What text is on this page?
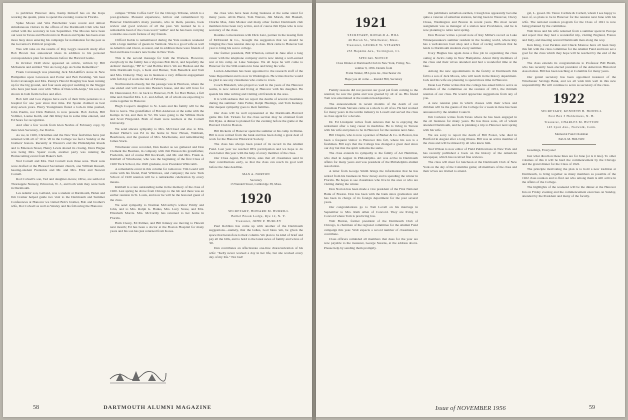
to publicize Hanover data, Kemp himself has on the Kaps wearing the quaint, plans to spend the evening course in Florida.

Spike Moore and Wes Batchelder were recent and almost simultaneous visitors in the offices of the Dartmouth Club who had called with the secretary in late September. The Moores have been out west in Texas and Electronics in Boston and Spike has been even more busy since entering his campaign for nomination for the post as the Governor's Political program.

Wes will take on the results of Ray Legg's research study after Bob Brown has announced ideas in addition to his personal correspondence plan for luncheons before the Harvard Game.

In October 1949 show appeared an article, written by Bill McKenzie and entitled "Not As Long Ago As Some Remember."

Frank Cavanaugh was planning Jack McAuliffe's stone in New Hampshire upon Lanceson and Porter and Bob Pershing. We hear from Cavanaugh and Mrs. Penny's Harold Doughty has been turning up for the big ground, and four seats enjoyed wedding in the Nugget who have just been over with "Miss of Dun-with-Antje," his son, has shown in both fields before and after.

Bob Gill and Lou Zappas have each of their little pensions to a hospital for one year since that time. Pat Spann claimed as best sixty-seven years. Harry Youngmann fluted a lock-in time pushed, John Paulin, not Dick Bullard, is now present. Bob Jordan, Bill Vollmer, Louise Keith, and Jim Riley has in some time entered, and Ed Sears for recognition.

And after a few words from Glen Nevins of February copy, by then Glen Secretary, Joe Daviss.

As we, in 1920, Christmas and the New Year festivities have just returned with all of '10 to '20 in the College we feel a Sunday at the brothers' honors. Recently at Weaver's end the Philadelphia Roads and to Emerson Street, Henry Lewis shared its closing, Dave Hague was being Mrs. Spens' room, another party was running the Homecoming event from Baker's hall.

Ned Cornell and Mrs. Ned Cornell took three sons. Their sons were drafted at the Blessed Sacrament church, one William Russell, hearing-student Frederick and Mr. and Mrs. Eliot and Stewart Cornell.

Rod Colwell's son, Ted and daughter-in-law, Olive, are settled at Thornapple Nursery, Princeton, N. J., and both wish they were back in Dartmouth.

Les Adams' son, Galland, was a student at Dartmouth, Helen and Jim Cramer helped guide two visit to the Dartmouth and Summer Conferences at Hanover we visited Bob's brother, Bob and brother's wife, Dot Colwell as well as Wesley and his following the Hanover.

campus "White Coffee Girl" for the Chicago Tribune, which is a post-graduate. Pleasant experience, Gitlow and remembered by Hanover Dartmouth's many journals, who in them, parents, book review and good reviews of all the past. We learned he is a remarkable head of the cross-word "ashbe" and he has been carrying a sizable one-room fortune of shy friends.

Clifford Keble is remembered during the Yale reunion weekend with a large number of guests in Vermont. She is a good wife as well as Amelia's and Oscar, as usual, and in addition there were friends of Ned and Kane Cooke's new home in New York.

This is the second message for both the Workers. However, everybody in the family has a vigorous Bob Ricci, and hopefully the Arthurs' marriage, "BF Jr." and Bobbie Ricci. We are Hudson and the little Dartmouth boys, a Kent and Burner, Tom Benedick and Tom and Mrs. Doherty. They are in business a very different engagement with full day of work the last of February.

Northwestern already, but the passage was in Harrison, where the one ended and will soon into Bessie's house, and she will have for Dr. Duncanand, E.C. in back to Hanover, N.H. for Bart Huber, a full time and cheerful Mrs. L.C. and Alfred, all of whom are expecting to come together in Hanover.

Hugh Cooper's daughter to St. Louis and his family will be the first to leave. The grandfather of Bob Anderson at the same with the Kemps in '44, and then in '52. We were going to the Willkie Doris and Scott Fitzgerald. Both of them were teachers at the Cornell University.

We send sincere sympathy to Mrs. McCloud and also to Mrs. Robert Heller's son Ed in the home in New Haven, Waltham, Beerhaven, and the greatest of Mrs. MacKenzie, and remembering James Stack.

Winchester once recorded, Dan Keeler as we gathered and Don Clement the Beeman, in company with Jim Hanson his grandfather, Frederick, and of course Bill Rockwell, and Mr. and Mrs. Frank A. Kimball of Winchester, who was the beginning of the first Class of 1920 Tuck School, the 1920 graduate, now President Whitcomb.

A remarkable event in this column for tomorrow. Tim Gould will come with his friend, Paul Whitmore, and company; the new Tuck School of 1920 reunion will be a remarkable celebration by every means.

Kimball is a rare outstanding name in the memory of the class of 1920. Last spring he drove from Chicago to the lab and there was an earlier reunion in St. Louis, and now he will be the honored guest of the class.

We send sympathy to Norman McCarthy's widow Emily and John, and to Mrs. Ralph G. Banks, Mrs. Lucy Stone, and Mrs. Elizabeth Morris. Mrs. McCarthy has returned to her home in Florida.

Ham Cleary, Ed Palmer, and Bill Kinney are moving to Hawaii next month; Ed has been a doctor at the Boston Hospital for many years and his son has just returned from Korea.

the class who have been doing business at the same stand for many years. Alvin Hurst, Tom Warren, Jim Marsh, Jim Haskell, Charlie Mae, John Monter and many other former Dartmouth club members have been very active, and of course Jim Dyke who is now secretary of the class.

Routine conversations with Dick Lutz, partner in the leasing firm of McDonald & Co., brought the suggestion that we should be bringing the class reunion date up to date. Dick came to Hanover last year to bring his son to college.

Our former president, Bill Wharton, retired in June after a long career with the telephone company and is now taking a well-earned rest at his camp on Lake Sunapee. We all hope he will come to Hanover for the 50th reunion in June and bring his wife.

Lucien Amerman has been appointed to the research staff of the State Department and is now in Washington. He writes that he would be glad to see any classmates who come to town.

Coach Blaisdell, who played so well in the years of the Hanover teams, is now retired and living at Hanover with his daughter. He spends his time writing and visiting old friends in the area.

It is with sadness that we report the deaths of several classmates during the summer: John Fuller, Ralph Hastings, and Tom Kenney. Our deepest sympathy goes to their families.

Our class will be well represented at the Dartmouth–Harvard game this fall. Tickets for the class section may be obtained from Jim Dyke. A dinner is planned for the evening before the game at the Harvard Club in Boston.

Bill Ricketts of Hanover spent the summer at his camp in Maine. Bill is now retired from the bank and has been doing a great deal of work for the Hanover Historical Society.

The class has always been proud of its record in the Alumni Fund. Last year we reached 96% participation and we hope to do even better this year with the help of every member of the class.

Our Class Agent, Bob Davis, asks that all classmates send in their contributions early, so that the class can reach its goal well before the June deadline.

MAX A. NORTON

Secretary

13 Wendell Street, Cambridge 38, Mass.

1920

SECRETARY, HOWARD M. BURRILL

Bethel Brook Lodge, Rye 12, N. Y.

Treasurer, JOHN P. HURLEY

Paul Robbins has come up with another of the Dartmouth suggestions—namely, that the ladies, God bless 'em, be given the space that heretofore is their column. We plan to be kind of brief and pay all the bills, and to hold to the latest news of family and wives of '20.

Dan contributes an affectionate one-line characterization of his wife: "Kelly never worked a day in her life, but she worked every day of my life." Not bad!

58	DARTMOUTH ALUMNI MAGAZINE
1921

SECRETARY, RONALD A. HILL

46 Bacon St., Winchester, Mass.

Treasurer, GEORGE W. STEARNS

233 Hopkins Ave., Torrington, Ct.

SPECIAL NOTICE

Class Dinner at Dartmouth Club in New York, Friday, No-

vember 9, 1956. Details from

Frank Tanner, 88 Lyons Av., Dorchester 24.

Hope you all come — Ronald Hill, Secretary

Family reasons did not prevent our good pal from coming to the reunion; he saw the game and was greeted by all of us. His friend Tom was entertained at the reunion headquarters.

The announcement in recent months of the death of our classmate Frank Stevens came as a shock to all of us. He had worked for many years in the textile industry in Lowell and served the class as class agent for a decade.

Dr. Ed Lindquist writes from Arizona that he is enjoying the retirement after a long career in medicine. He is living in Tucson with his wife and plans to be in Hanover for the reunion next June.

Bill Chapin, who is now a partner of Barker & Co. in Boston, has been a frequent visitor to Hanover this fall, where his son is a freshman. Bill says that the College has changed a great deal since our day but that the spirit remains the same.

The class extends its sympathy to the family of Art Hamilton, who died in August in Philadelphia. Art was active in Dartmouth affairs for many years and was president of the Philadelphia alumni association.

A letter from George Smith brings the information that he has retired from his business in New Jersey and is spending the winter in Florida. He hopes to see classmates who live in the area or who are visiting during the winter.

Don Norton has been made a vice president of the First National Bank of Boston. Don has been with the bank since graduation and has been in charge of its foreign department for the past several years.

Our congratulations go to Tom Lovell on his marriage in September to Mrs. Ruth Allen of Concord. They are living in Concord where Tom is practicing law.

Walt Burton, former president of the Dartmouth Club of Chicago, is chairman of the regional committee for the Alumni Fund campaign this year. Walt expects a record number of classmates to contribute.

Class officers reminded all members that dues for the year are now payable to the treasurer, George Stearns, at the address above. Please help by sending them promptly.

this publishers suburban earthen, Clough has apparently become quite a veteran of suburban stations, having been in Westover, Chevy Chase, Washington and Boston in recent years. His most recent assignment was as manager of a station near Providence, and he is now planning to retire next spring.

Don Bowser writes a proud note of Ray Miller's record as Lake Winnepesaukee's summer resident in the boating world, where Ray has a well-known boat shop and a fleet of racing sailboats that he lends to Dartmouth students every summer.

Ivory Hughes has again done a fine job in organizing the class outing at Jack's camp in New Hampshire. About thirty members of the class and their wives attended and had a wonderful time at the lake.

Among the new appointments in the faculty at Dartmouth this fall is a son of Jack Moore, who will teach in the history department. Jack and his wife are planning to spend more time in Hanover.

Dean Lee Fuller writes that the college has asked him to serve as chairman of the committee on the reunion of 1951, the thirtieth reunion of our class. He would appreciate suggestions from any of you.

A new reunion plan in which classes with their wives and children will be the guests of the College for a week in June has been announced by the Alumni Council.

Jim Carleton writes from Texas where he has been engaged in the oil business for many years. He has three sons, all of whom attended Dartmouth, and he is planning a trip to Hanover next spring with his wife.

We are sorry to report the death of Bill Foster, who died in Hartford in August after a long illness. Bill was an active member of the class and will be missed by all who knew him.

Ned Wilson is now editor of Field Publications in New York and has recently published a book on the history of the American newspaper, which has received fine reviews.

The class will meet for luncheon at the Dartmouth Club of New York on the day of the Columbia game; all members of the class and their wives are invited to attend.

gal, L. gaoed. Dr. Vance Carlisle & Carbeil, whom I see happy to hear of, so plans to be in Hanover for the reunion next June with his wife. The national reunion program for the Class of 1921 is now being planned by the committee.

Walt Ross and his wife returned from a summer spent in Europe and report that they had a wonderful trip, visiting England, France and Italy, and meeting several Dartmouth men along the way.

Ken King, Cost Perkins and Chuck Monroe have all been busy this fall with the class committee for the Alumni Fund and have set a goal for the class which they hope will be reached by the end of the year.

The class extends its congratulations to Professor Bill Heath, who has recently been elected president of the American Historical Association. Bill has been teaching at Columbia for many years.

Our genial secretary has been appointed treasurer of the Winchester Savings Bank, and we all wish him well in this new responsibility. He will continue to serve as secretary of the class.

1922

SECRETARY, KENNETH B. HOWELL

Post Box 3 Holderness, N. H.

Treasurer, CHARLES M. BUTTON

145 Lyon Ave., Norwalk, Conn.

Memorial Fund Chairman

PAUL M. HOLTON

Greetings, Everyone!

Just what direction these lines are for June (or is it late). To other volumes of this it will be hard the commencement by the Chicago and the grand dinner for the Class of 1922.

The principle motivating the plan is to hold a new tradition at Dartmouth, to bring together as many members as possible of the 1922 class reunion and to find out who among them is still active in the affairs of the College.

The highlights of the weekend will be the dinner at the Hanover Inn on Friday evening and the commencement exercises on Sunday, attended by the President and many of the faculty.

Issue of NOVEMBER 1956	59
